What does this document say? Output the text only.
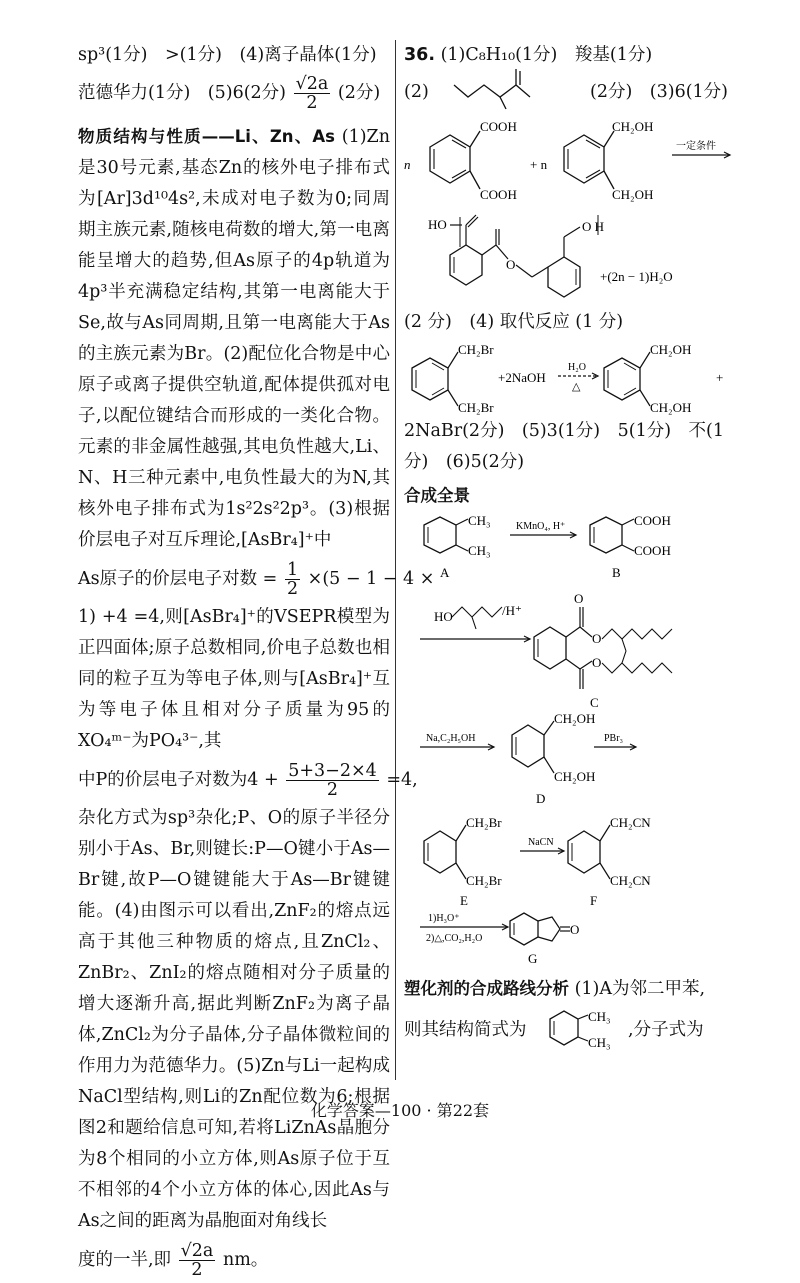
sp³(1分)　>(1分)　(4)离子晶体(1分)
范德华力(1分)　(5)6(2分) $\frac{√2a}{2} (2$分)

物质结构与性质——Li、Zn、As (1)Zn是30号元素,基态Zn的核外电子排布式为[Ar]3d¹⁰4s²,未成对电子数为0;同周期主族元素,随核电荷数的增大,第一电离能呈增大的趋势,但As原子的4p轨道为4p³半充满稳定结构,其第一电离能大于Se,故与As同周期,且第一电离能大于As的主族元素为Br。(2)配位化合物是中心原子或离子提供空轨道,配体提供孤对电子,以配位键结合而形成的一类化合物。元素的非金属性越强,其电负性越大,Li、N、H三种元素中,电负性最大的为N,其核外电子排布式为1s²2s²2p³。(3)根据价层电子对互斥理论,[AsBr₄]⁺中

As原子的价层电子对数 = $\frac{1}{2} \times(5 - 1 - 4$ ×

1) +4 =4,则[AsBr₄]⁺的VSEPR模型为正四面体;原子总数相同,价电子总数也相同的粒子互为等电子体,则与[AsBr₄]⁺互为等电子体且相对分子质量为95的XO₄ᵐ⁻为PO₄³⁻,其

中P的价层电子对数为$4 + \frac{5+3-2\times 4}{2} =4$,

杂化方式为sp³杂化;P、O的原子半径分别小于As、Br,则键长:P—O键小于As—Br键,故P—O键键能大于As—Br键键能。(4)由图示可以看出,ZnF₂的熔点远高于其他三种物质的熔点,且ZnCl₂、ZnBr₂、ZnI₂的熔点随相对分子质量的增大逐渐升高,据此判断ZnF₂为离子晶体,ZnCl₂为分子晶体,分子晶体微粒间的作用力为范德华力。(5)Zn与Li一起构成NaCl型结构,则Li的Zn配位数为6;根据图2和题给信息可知,若将LiZnAs晶胞分为8个相同的小立方体,则As原子位于互不相邻的4个小立方体的体心,因此As与As之间的距离为晶胞面对角线长

度的一半,即 $\frac{√2a}{2}$ nm。
36. (1)C₈H₁₀(1分)　羧基(1分)
(2)	(2分)　(3)6(1分)
n
COOH
COOH
+ n
CH₂OH
CH₂OH
一定条件
HO
O
O H
+(2n − 1)H₂O
(2 分)　(4) 取代反应 (1 分)
CH₂Br
CH₂Br
+2NaOH
H₂O
△
CH₂OH
CH₂OH
+
2NaBr(2分)　(5)3(1分)　5(1分)　不(1
分)　(6)5(2分)
合成全景
CH₃
CH₃
A
KMnO₄, H⁺	COOH
COOH
B
HO	/H⁺
O
O
O
C
Na,C₂H₅OH
CH₂OH
CH₂OH
PBr₃
D
CH₂Br
CH₂Br
NaCN
CH₂CN
CH₂CN
E	F
1)H₃O⁺
2)△,CO₂,H₂O
O
G
塑化剂的合成路线分析 (1)A为邻二甲苯,
则其结构简式为
CH₃
CH₃
,分子式为
化学答案—100 · 第22套
